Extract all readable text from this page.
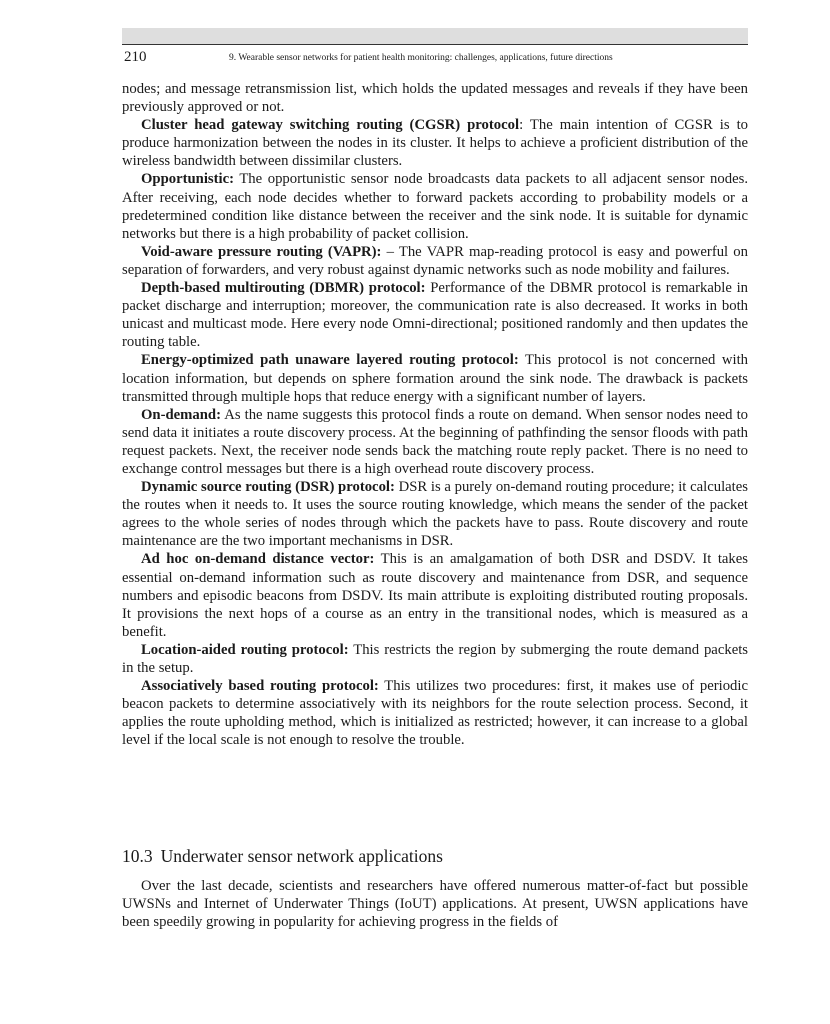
210	9. Wearable sensor networks for patient health monitoring: challenges, applications, future directions

nodes; and message retransmission list, which holds the updated messages and reveals if they have been previously approved or not.

Cluster head gateway switching routing (CGSR) protocol: The main intention of CGSR is to produce harmonization between the nodes in its cluster. It helps to achieve a proficient distribution of the wireless bandwidth between dissimilar clusters.

Opportunistic: The opportunistic sensor node broadcasts data packets to all adjacent sensor nodes. After receiving, each node decides whether to forward packets according to probability models or a predetermined condition like distance between the receiver and the sink node. It is suitable for dynamic networks but there is a high probability of packet collision.

Void-aware pressure routing (VAPR): – The VAPR map-reading protocol is easy and powerful on separation of forwarders, and very robust against dynamic networks such as node mobility and failures.

Depth-based multirouting (DBMR) protocol: Performance of the DBMR protocol is remarkable in packet discharge and interruption; moreover, the communication rate is also decreased. It works in both unicast and multicast mode. Here every node Omni-directional; positioned randomly and then updates the routing table.

Energy-optimized path unaware layered routing protocol: This protocol is not concerned with location information, but depends on sphere formation around the sink node. The drawback is packets transmitted through multiple hops that reduce energy with a significant number of layers.

On-demand: As the name suggests this protocol finds a route on demand. When sensor nodes need to send data it initiates a route discovery process. At the beginning of pathfinding the sensor floods with path request packets. Next, the receiver node sends back the matching route reply packet. There is no need to exchange control messages but there is a high overhead route discovery process.

Dynamic source routing (DSR) protocol: DSR is a purely on-demand routing procedure; it calculates the routes when it needs to. It uses the source routing knowledge, which means the sender of the packet agrees to the whole series of nodes through which the packets have to pass. Route discovery and route maintenance are the two important mechanisms in DSR.

Ad hoc on-demand distance vector: This is an amalgamation of both DSR and DSDV. It takes essential on-demand information such as route discovery and maintenance from DSR, and sequence numbers and episodic beacons from DSDV. Its main attribute is exploiting distributed routing proposals. It provisions the next hops of a course as an entry in the transitional nodes, which is measured as a benefit.

Location-aided routing protocol: This restricts the region by submerging the route demand packets in the setup.

Associatively based routing protocol: This utilizes two procedures: first, it makes use of periodic beacon packets to determine associatively with its neighbors for the route selection process. Second, it applies the route upholding method, which is initialized as restricted; however, it can increase to a global level if the local scale is not enough to resolve the trouble.

10.3 Underwater sensor network applications

Over the last decade, scientists and researchers have offered numerous matter-of-fact but possible UWSNs and Internet of Underwater Things (IoUT) applications. At present, UWSN applications have been speedily growing in popularity for achieving progress in the fields of
